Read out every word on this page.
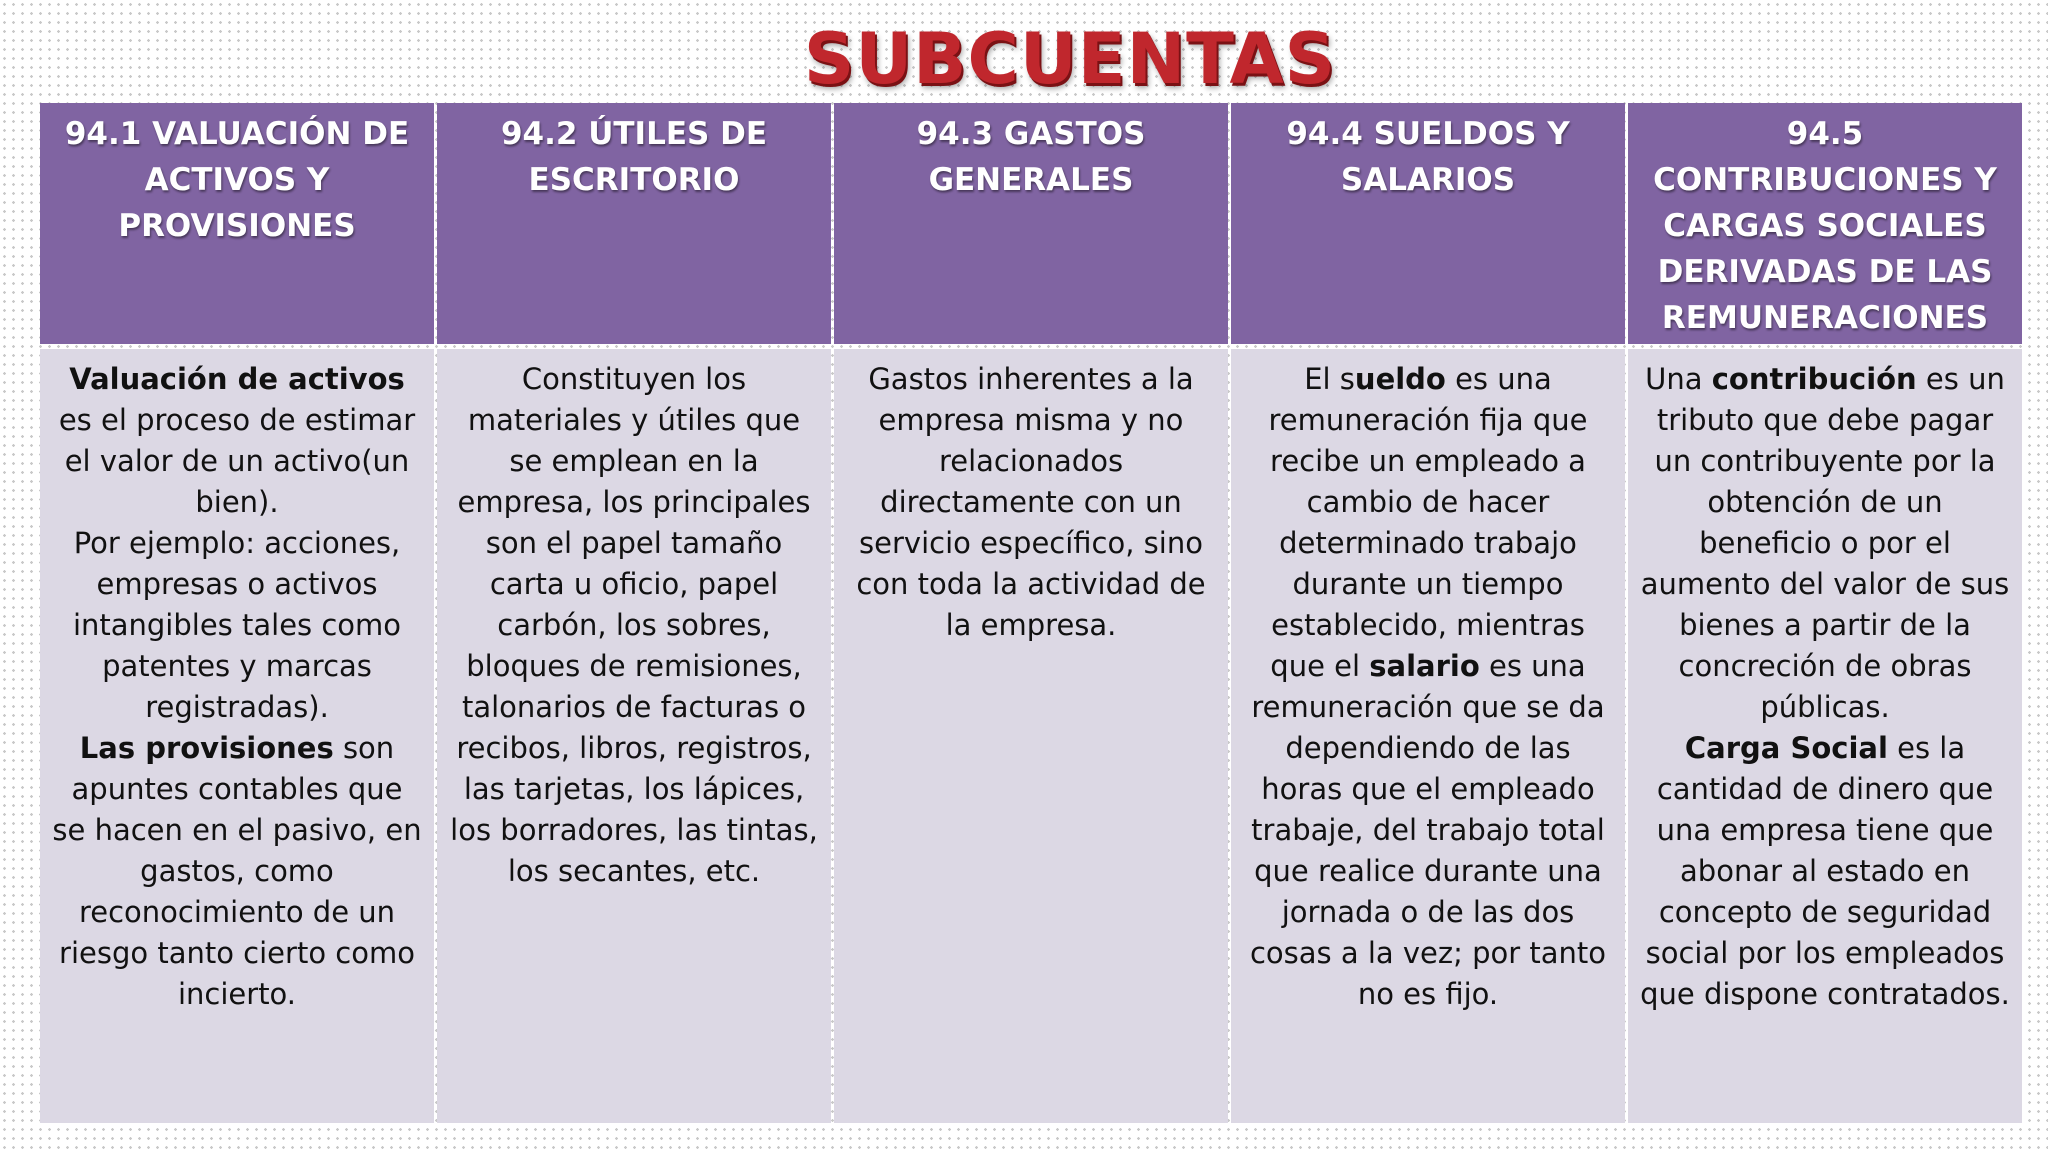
SUBCUENTAS
94.1 VALUACIÓN DE ACTIVOS Y PROVISIONES
94.2 ÚTILES DE ESCRITORIO
94.3 GASTOS GENERALES
94.4 SUELDOS Y SALARIOS
94.5 CONTRIBUCIONES Y CARGAS SOCIALES DERIVADAS DE LAS REMUNERACIONES

Valuación de activos es el proceso de estimar el valor de un activo(un bien).

Por ejemplo: acciones, empresas o activos intangibles tales como patentes y marcas registradas).

Las provisiones son apuntes contables que se hacen en el pasivo, en gastos, como reconocimiento de un riesgo tanto cierto como incierto.

Constituyen los materiales y útiles que se emplean en la empresa, los principales son el papel tamaño carta u oficio, papel carbón, los sobres, bloques de remisiones, talonarios de facturas o recibos, libros, registros, las tarjetas, los lápices, los borradores, las tintas, los secantes, etc.

Gastos inherentes a la empresa misma y no relacionados directamente con un servicio específico, sino con toda la actividad de la empresa.

El sueldo es una remuneración fija que recibe un empleado a cambio de hacer determinado trabajo durante un tiempo establecido, mientras que el salario es una remuneración que se da dependiendo de las horas que el empleado trabaje, del trabajo total que realice durante una jornada o de las dos cosas a la vez; por tanto no es fijo.

Una contribución es un tributo que debe pagar un contribuyente por la obtención de un beneficio o por el aumento del valor de sus bienes a partir de la concreción de obras públicas.

Carga Social es la cantidad de dinero que una empresa tiene que abonar al estado en concepto de seguridad social por los empleados que dispone contratados.
